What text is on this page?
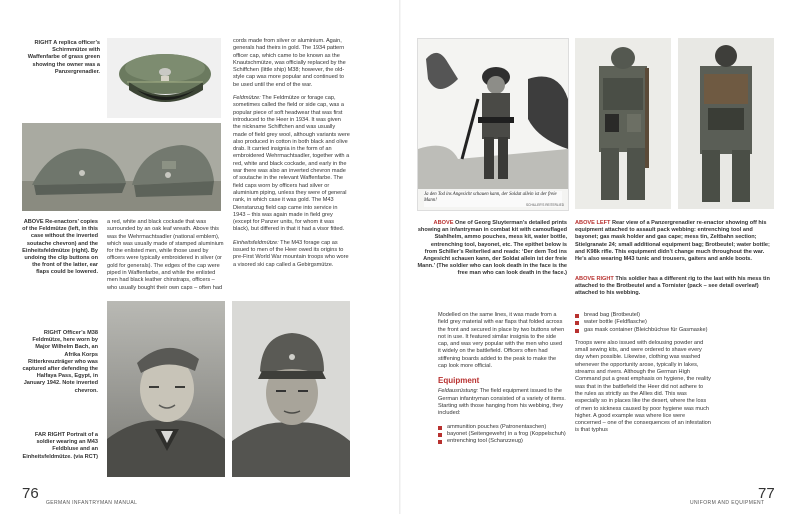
RIGHT A replica officer’s Schirmmütze with Waffenfarbe of grass green showing the owner was a Panzergrenadier.
ABOVE Re-enactors’ copies of the Feldmütze (left, in this case without the inverted soutache chevron) and the Einheitsfeldmütze (right). By undoing the clip buttons on the front of the latter, ear flaps could be lowered.

a red, white and black cockade that was surrounded by an oak leaf wreath. Above this was the Wehrmachtsadler (national emblem), which was usually made of stamped aluminium for the enlisted men, while those used by officers were typically embroidered in silver (or gold for generals). The edges of the cap were piped in Waffenfarbe, and while the enlisted men had black leather chinstraps, officers – who usually bought their own caps – often had

RIGHT Officer’s M38 Feldmütze, here worn by Major Wilhelm Bach, an Afrika Korps Ritterkreuzträger who was captured after defending the Halfaya Pass, Egypt, in January 1942. Note inverted chevron.
FAR RIGHT Portrait of a soldier wearing an M43 Feldbluse and an Einheitsfeldmütze. (via RCT)

cords made from silver or aluminium. Again, generals had theirs in gold. The 1934 pattern officer cap, which came to be known as the Knautschmütze, was officially replaced by the Schiffchen (little ship) M38; however, the old-style cap was more popular and continued to be used until the end of the war.

Feldmütze: The Feldmütze or forage cap, sometimes called the field or side cap, was a popular piece of soft headwear that was first introduced to the Heer in 1934. It was given the nickname Schiffchen and was usually made of field grey wool, although variants were also produced in cotton in both black and olive drab. It carried insignia in the form of an embroidered Wehrmachtsadler, together with a red, white and black cockade, and early in the war there was also an inverted chevron made of soutache in the relevant Waffenfarbe. The field caps worn by officers had silver or aluminium piping, unless they were of general rank, in which case it was gold. The M43 Dienstanzug field cap came into service in 1943 – this was again made in field grey (except for Panzer units, for whom it was black), but differed in that it had a visor fitted.

Einheitsfeldmütze: The M43 forage cap as issued to men of the Heer owed its origins to pre-First World War mountain troops who wore a visored ski cap called a Gebirgsmütze.

76
GERMAN INFANTRYMAN MANUAL
Ja den Tod ins Angesicht schauen kann, der Soldat allein ist der freie Mann!
SCHILLER'S REITERLIED
ABOVE One of Georg Sluyterman’s detailed prints showing an infantryman in combat kit with camouflaged Stahlhelm, ammo pouches, mess kit, water bottle, entrenching tool, bayonet, etc. The epithet below is from Schiller’s Reiterlied and reads: ‘Der dem Tod ins Angesicht schauen kann, der Soldat allein ist der freie Mann.’ (The soldier who can look death in the face is the free man who can look death in the face.)
ABOVE LEFT Rear view of a Panzergrenadier re-enactor showing off his equipment attached to assault pack webbing: entrenching tool and bayonet; gas mask holder and gas cape; mess tin, Zeltbahn section; Stielgranate 24; small additional equipment bag; Brotbeutel; water bottle; and K98k rifle. This equipment didn’t change much throughout the war. He’s also wearing M43 tunic and trousers, gaiters and ankle boots.
ABOVE RIGHT This soldier has a different rig to the last with his mess tin attached to the Brotbeutel and a Tornister (pack – see detail overleaf) attached to his webbing.

Modelled on the same lines, it was made from a field grey material with ear flaps that folded across the front and secured in place by two buttons when not in use. It featured similar insignia to the side cap, and was very popular with the men who used it widely on the battlefield. Officers often had stiffening boards added to the peak to make the cap look more official.

Equipment

Feldausrüstung: The field equipment issued to the German infantryman consisted of a variety of items. Starting with those hanging from his webbing, they included:

ammunition pouches (Patronentaschen)
bayonet (Seitengewehr) in a frog (Koppelschuh)
entrenching tool (Schanzzeug)
bread bag (Brotbeutel)
water bottle (Feldflasche)
gas mask container (Bleichbüchse für Gasmaske)

Troops were also issued with delousing powder and small sewing kits, and were ordered to shave every day when possible. Likewise, clothing was washed whenever the opportunity arose, typically in lakes, streams and rivers. Although the German High Command put a great emphasis on hygiene, the reality was that in the battlefield the Heer did not adhere to the rules as strictly as the Allies did. This was especially so in places like the desert, where the loss of men to sickness caused by poor hygiene was much higher. A good example was where lice were concerned – one of the consequences of an infestation is that typhus

UNIFORM AND EQUIPMENT
77
